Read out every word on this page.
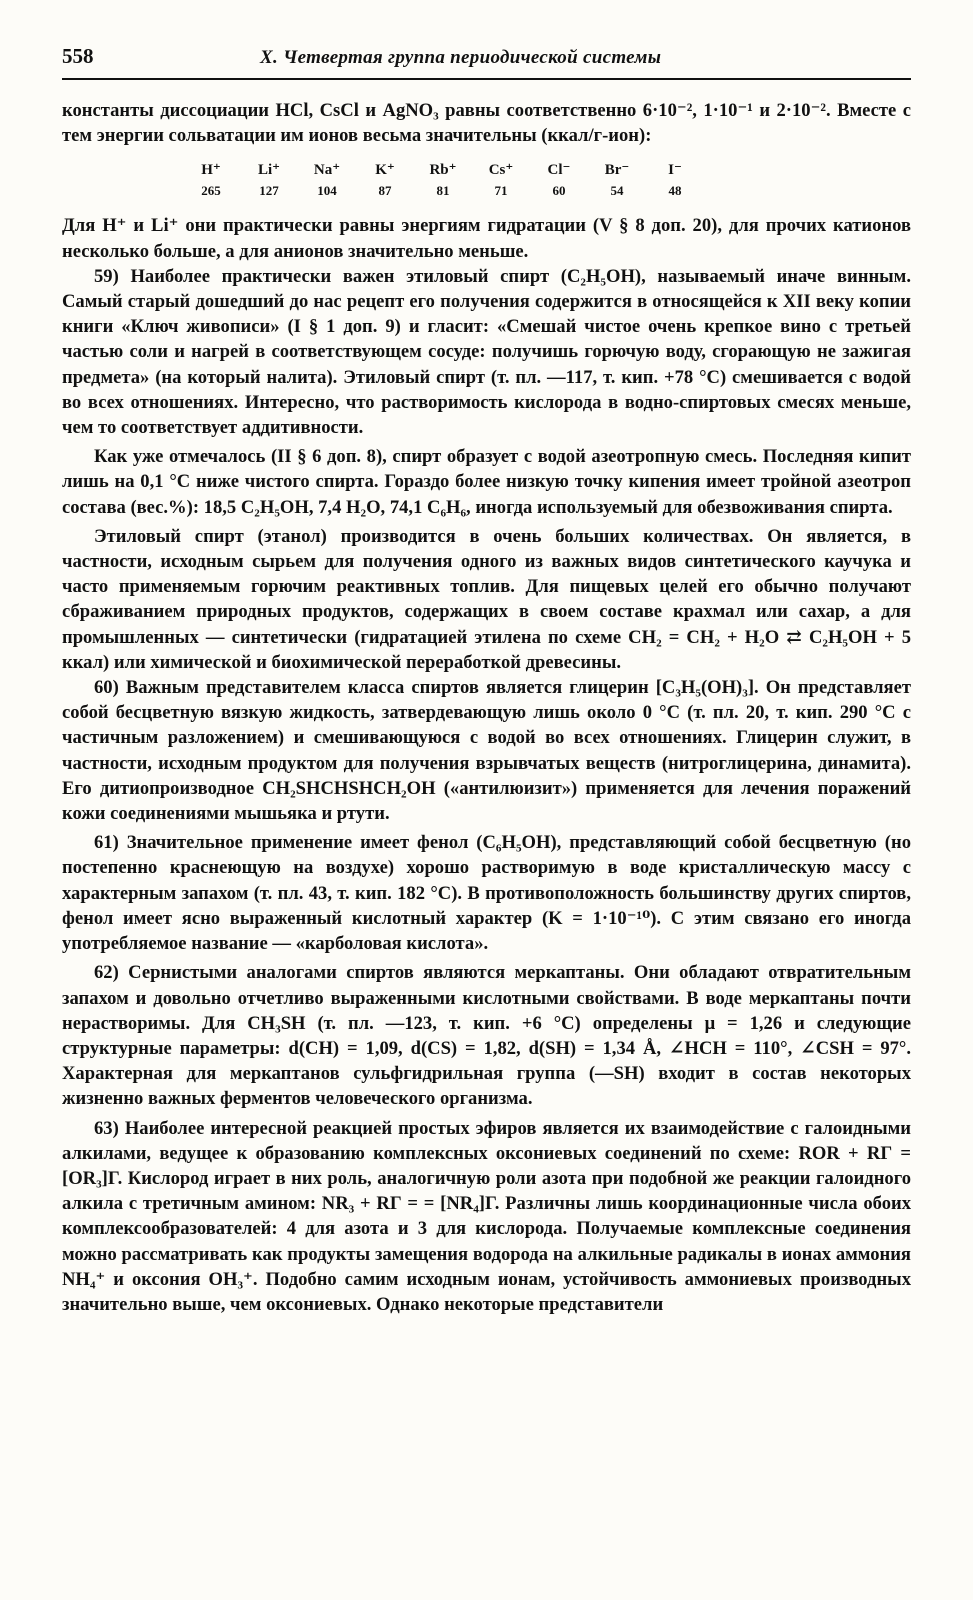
558	X. Четвертая группа периодической системы

константы диссоциации HCl, CsCl и AgNO₃ равны соответственно 6·10⁻², 1·10⁻¹ и 2·10⁻². Вместе с тем энергии сольватации им ионов весьма значительны (ккал/г-ион):

H⁺	Li⁺	Na⁺	K⁺	Rb⁺	Cs⁺	Cl⁻	Br⁻	I⁻
265	127	104	87	81	71	60	54	48

Для H⁺ и Li⁺ они практически равны энергиям гидратации (V § 8 доп. 20), для прочих катионов несколько больше, а для анионов значительно меньше.

59) Наиболее практически важен этиловый спирт (C₂H₅OH), называемый иначе винным. Самый старый дошедший до нас рецепт его получения содержится в относящейся к XII веку копии книги «Ключ живописи» (I § 1 доп. 9) и гласит: «Смешай чистое очень крепкое вино с третьей частью соли и нагрей в соответствующем сосуде: получишь горючую воду, сгорающую не зажигая предмета» (на который налита). Этиловый спирт (т. пл. —117, т. кип. +78 °С) смешивается с водой во всех отношениях. Интересно, что растворимость кислорода в водно-спиртовых смесях меньше, чем то соответствует аддитивности.

Как уже отмечалось (II § 6 доп. 8), спирт образует с водой азеотропную смесь. Последняя кипит лишь на 0,1 °С ниже чистого спирта. Гораздо более низкую точку кипения имеет тройной азеотроп состава (вес.%): 18,5 C₂H₅OH, 7,4 H₂O, 74,1 C₆H₆, иногда используемый для обезвоживания спирта.

Этиловый спирт (этанол) производится в очень больших количествах. Он является, в частности, исходным сырьем для получения одного из важных видов синтетического каучука и часто применяемым горючим реактивных топлив. Для пищевых целей его обычно получают сбраживанием природных продуктов, содержащих в своем составе крахмал или сахар, а для промышленных — синтетически (гидратацией этилена по схеме CH₂ = CH₂ + H₂O ⇄ C₂H₅OH + 5 ккал) или химической и биохимической переработкой древесины.

60) Важным представителем класса спиртов является глицерин [C₃H₅(OH)₃]. Он представляет собой бесцветную вязкую жидкость, затвердевающую лишь около 0 °С (т. пл. 20, т. кип. 290 °С с частичным разложением) и смешивающуюся с водой во всех отношениях. Глицерин служит, в частности, исходным продуктом для получения взрывчатых веществ (нитроглицерина, динамита). Его дитиопроизводное CH₂SHCHSHCH₂OH («антилюизит») применяется для лечения поражений кожи соединениями мышьяка и ртути.

61) Значительное применение имеет фенол (C₆H₅OH), представляющий собой бесцветную (но постепенно краснеющую на воздухе) хорошо растворимую в воде кристаллическую массу с характерным запахом (т. пл. 43, т. кип. 182 °С). В противоположность большинству других спиртов, фенол имеет ясно выраженный кислотный характер (K = 1·10⁻¹⁰). С этим связано его иногда употребляемое название — «карболовая кислота».

62) Сернистыми аналогами спиртов являются меркаптаны. Они обладают отвратительным запахом и довольно отчетливо выраженными кислотными свойствами. В воде меркаптаны почти нерастворимы. Для CH₃SH (т. пл. —123, т. кип. +6 °С) определены μ = 1,26 и следующие структурные параметры: d(CH) = 1,09, d(CS) = 1,82, d(SH) = 1,34 Å, ∠HCH = 110°, ∠CSH = 97°. Характерная для меркаптанов сульфгидрильная группа (—SH) входит в состав некоторых жизненно важных ферментов человеческого организма.

63) Наиболее интересной реакцией простых эфиров является их взаимодействие с галоидными алкилами, ведущее к образованию комплексных оксониевых соединений по схеме: ROR + RГ = [OR₃]Г. Кислород играет в них роль, аналогичную роли азота при подобной же реакции галоидного алкила с третичным амином: NR₃ + RГ = = [NR₄]Г. Различны лишь координационные числа обоих комплексообразователей: 4 для азота и 3 для кислорода. Получаемые комплексные соединения можно рассматривать как продукты замещения водорода на алкильные радикалы в ионах аммония NH₄⁺ и оксония OH₃⁺. Подобно самим исходным ионам, устойчивость аммониевых производных значительно выше, чем оксониевых. Однако некоторые представители
